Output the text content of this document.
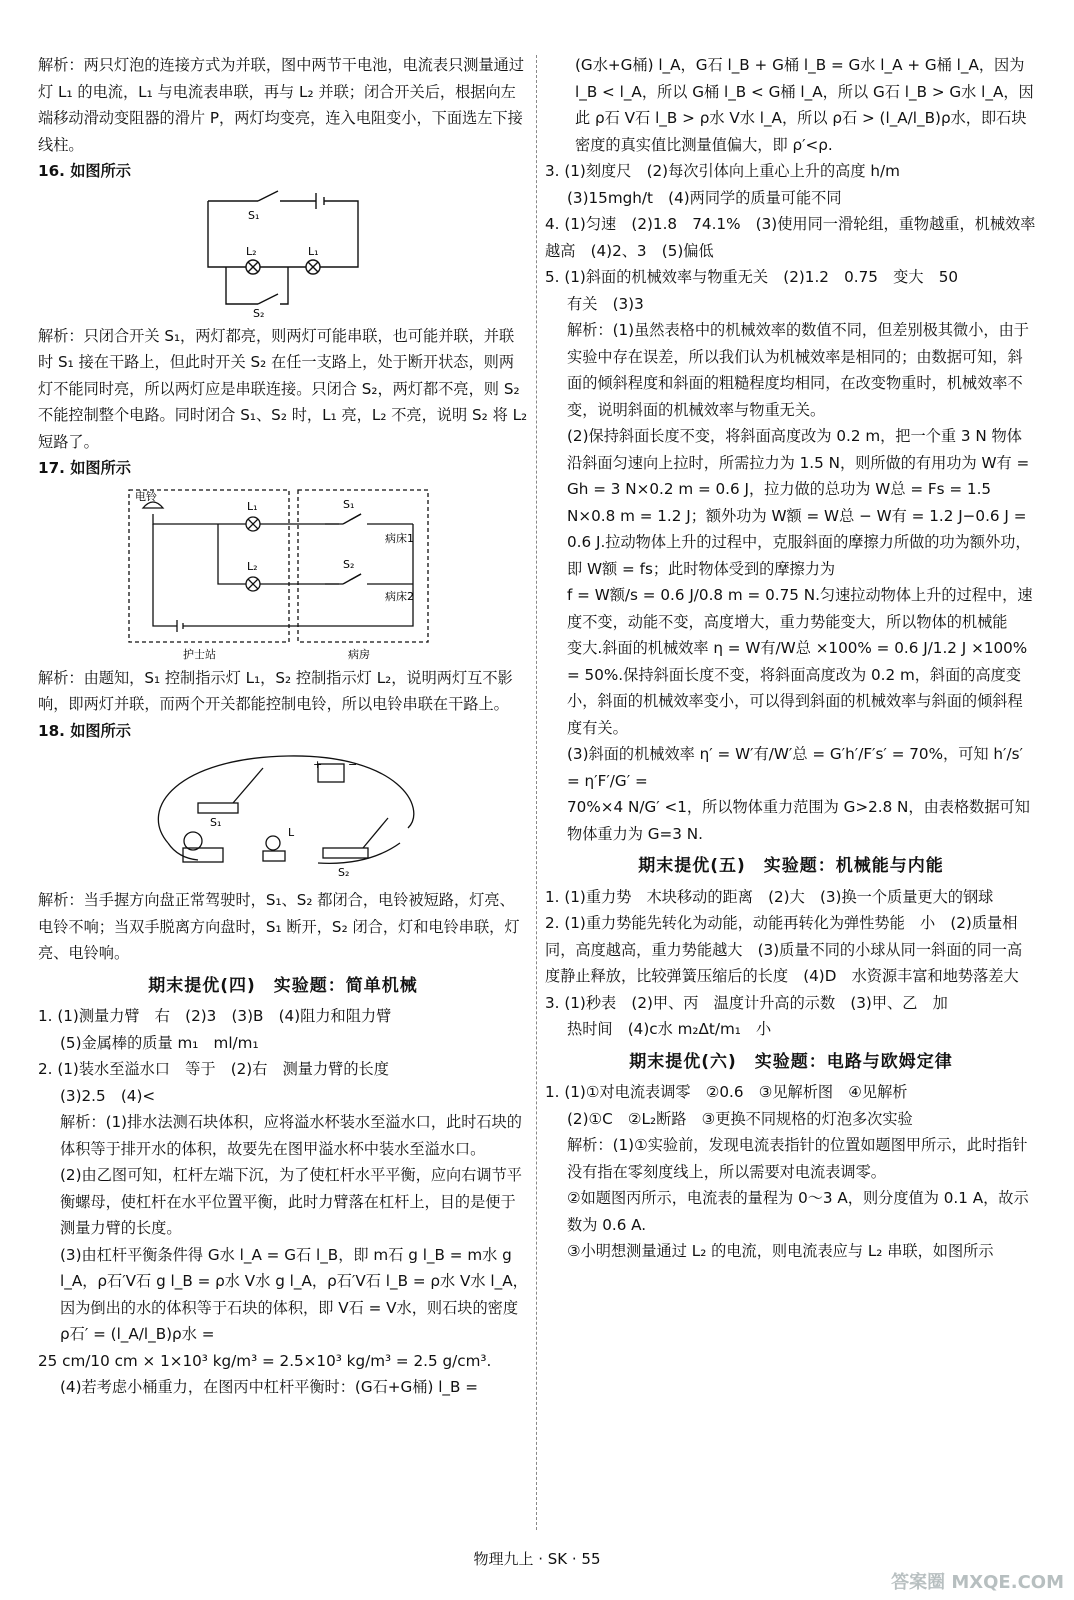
解析：两只灯泡的连接方式为并联，图中两节干电池，电流表只测量通过灯 L₁ 的电流，L₁ 与电流表串联，再与 L₂ 并联；闭合开关后，根据向左端移动滑动变阻器的滑片 P，两灯均变亮，连入电阻变小，下面选左下接线柱。

16. 如图所示

S₁
L₂	L₁
S₂

解析：只闭合开关 S₁，两灯都亮，则两灯可能串联，也可能并联，并联时 S₁ 接在干路上，但此时开关 S₂ 在任一支路上，处于断开状态，则两灯不能同时亮，所以两灯应是串联连接。只闭合 S₂，两灯都不亮，则 S₂ 不能控制整个电路。同时闭合 S₁、S₂ 时，L₁ 亮，L₂ 不亮，说明 S₂ 将 L₂ 短路了。

17. 如图所示

电铃
L₁
L₂
S₁
S₂
病床1
病床2
护士站	病房

解析：由题知，S₁ 控制指示灯 L₁，S₂ 控制指示灯 L₂，说明两灯互不影响，即两灯并联，而两个开关都能控制电铃，所以电铃串联在干路上。

18. 如图所示

+ −
S₁
L
S₂

解析：当手握方向盘正常驾驶时，S₁、S₂ 都闭合，电铃被短路，灯亮、电铃不响；当双手脱离方向盘时，S₁ 断开，S₂ 闭合，灯和电铃串联，灯亮、电铃响。

期末提优(四)　实验题：简单机械

1. (1)测量力臂　右　(2)3　(3)B　(4)阻力和阻力臂

(5)金属棒的质量 m₁　ml/m₁

2. (1)装水至溢水口　等于　(2)右　测量力臂的长度

(3)2.5　(4)<

解析：(1)排水法测石块体积，应将溢水杯装水至溢水口，此时石块的体积等于排开水的体积，故要先在图甲溢水杯中装水至溢水口。

(2)由乙图可知，杠杆左端下沉，为了使杠杆水平平衡，应向右调节平衡螺母，使杠杆在水平位置平衡，此时力臂落在杠杆上，目的是便于测量力臂的长度。

(3)由杠杆平衡条件得 G水 l_A = G石 l_B，即 m石 g l_B = m水 g l_A，ρ石′V石 g l_B = ρ水 V水 g l_A，ρ石′V石 l_B = ρ水 V水 l_A，因为倒出的水的体积等于石块的体积，即 V石 = V水，则石块的密度 ρ石′ = (l_A/l_B)ρ水 =

25 cm/10 cm × 1×10³ kg/m³ = 2.5×10³ kg/m³ = 2.5 g/cm³.

(4)若考虑小桶重力，在图丙中杠杆平衡时：(G石+G桶) l_B =

(G水+G桶) l_A，G石 l_B + G桶 l_B = G水 l_A + G桶 l_A，因为 l_B < l_A，所以 G桶 l_B < G桶 l_A，所以 G石 l_B > G水 l_A，因此 ρ石 V石 l_B > ρ水 V水 l_A，所以 ρ石 > (l_A/l_B)ρ水，即石块密度的真实值比测量值偏大，即 ρ′<ρ.

3. (1)刻度尺　(2)每次引体向上重心上升的高度 h/m

(3)15mgh/t　(4)两同学的质量可能不同

4. (1)匀速　(2)1.8　74.1%　(3)使用同一滑轮组，重物越重，机械效率越高　(4)2、3　(5)偏低

5. (1)斜面的机械效率与物重无关　(2)1.2　0.75　变大　50

有关　(3)3

解析：(1)虽然表格中的机械效率的数值不同，但差别极其微小，由于实验中存在误差，所以我们认为机械效率是相同的；由数据可知，斜面的倾斜程度和斜面的粗糙程度均相同，在改变物重时，机械效率不变，说明斜面的机械效率与物重无关。

(2)保持斜面长度不变，将斜面高度改为 0.2 m，把一个重 3 N 物体沿斜面匀速向上拉时，所需拉力为 1.5 N，则所做的有用功为 W有 = Gh = 3 N×0.2 m = 0.6 J，拉力做的总功为 W总 = Fs = 1.5 N×0.8 m = 1.2 J；额外功为 W额 = W总 − W有 = 1.2 J−0.6 J = 0.6 J.拉动物体上升的过程中，克服斜面的摩擦力所做的功为额外功，即 W额 = fs；此时物体受到的摩擦力为

f = W额/s = 0.6 J/0.8 m = 0.75 N.匀速拉动物体上升的过程中，速度不变，动能不变，高度增大，重力势能变大，所以物体的机械能

变大.斜面的机械效率 η = W有/W总 ×100% = 0.6 J/1.2 J ×100% = 50%.保持斜面长度不变，将斜面高度改为 0.2 m，斜面的高度变小，斜面的机械效率变小，可以得到斜面的机械效率与斜面的倾斜程度有关。

(3)斜面的机械效率 η′ = W′有/W′总 = G′h′/F′s′ = 70%，可知 h′/s′ = η′F′/G′ =

70%×4 N/G′ <1，所以物体重力范围为 G>2.8 N，由表格数据可知物体重力为 G=3 N.

期末提优(五)　实验题：机械能与内能

1. (1)重力势　木块移动的距离　(2)大　(3)换一个质量更大的钢球

2. (1)重力势能先转化为动能，动能再转化为弹性势能　小　(2)质量相同，高度越高，重力势能越大　(3)质量不同的小球从同一斜面的同一高度静止释放，比较弹簧压缩后的长度　(4)D　水资源丰富和地势落差大

3. (1)秒表　(2)甲、丙　温度计升高的示数　(3)甲、乙　加

热时间　(4)c水 m₂Δt/m₁　小

期末提优(六)　实验题：电路与欧姆定律

1. (1)①对电流表调零　②0.6　③见解析图　④见解析

(2)①C　②L₂断路　③更换不同规格的灯泡多次实验

解析：(1)①实验前，发现电流表指针的位置如题图甲所示，此时指针没有指在零刻度线上，所以需要对电流表调零。

②如题图丙所示，电流表的量程为 0～3 A，则分度值为 0.1 A，故示数为 0.6 A.

③小明想测量通过 L₂ 的电流，则电流表应与 L₂ 串联，如图所示

物理九上 · SK · 55
答案圈 MXQE.COM
